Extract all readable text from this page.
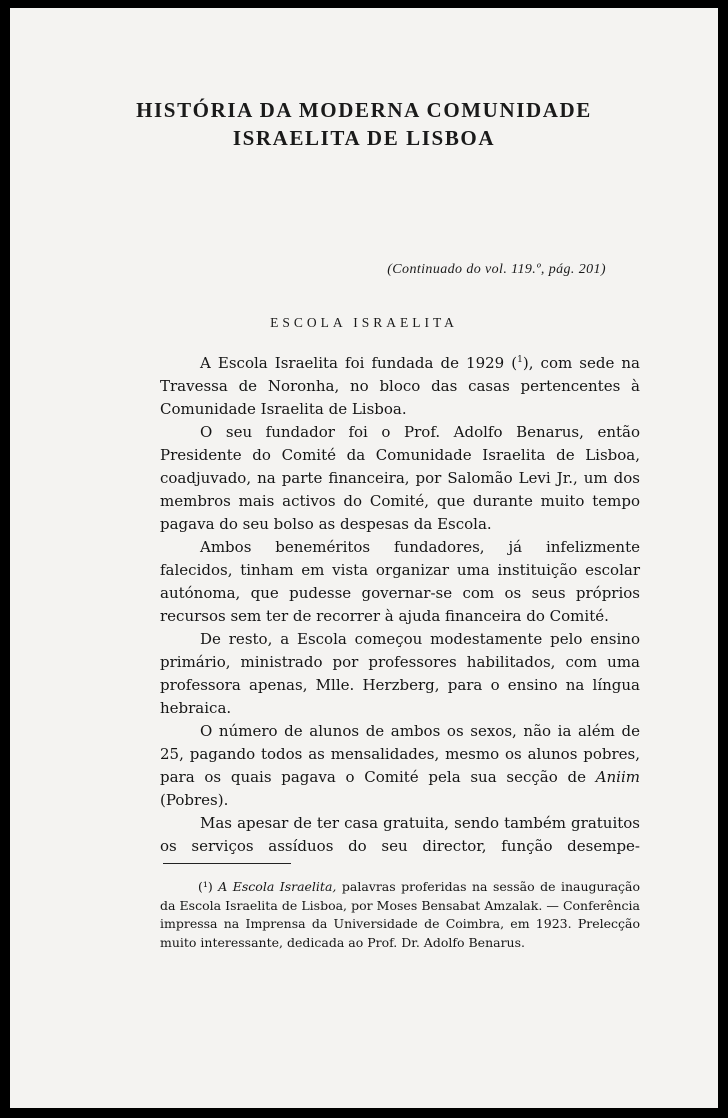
HISTÓRIA DA MODERNA COMUNIDADE
ISRAELITA DE LISBOA
(Continuado do vol. 119.º, pág. 201)
ESCOLA ISRAELITA

A Escola Israelita foi fundada de 1929 ($^1$), com sede na Travessa de Noronha, no bloco das casas pertencentes à Comunidade Israelita de Lisboa.

O seu fundador foi o Prof. Adolfo Benarus, então Presidente do Comité da Comunidade Israelita de Lisboa, coadjuvado, na parte financeira, por Salomão Levi Jr., um dos membros mais activos do Comité, que durante muito tempo pagava do seu bolso as despesas da Escola.

Ambos beneméritos fundadores, já infelizmente falecidos, tinham em vista organizar uma instituição escolar autónoma, que pudesse governar-se com os seus próprios recursos sem ter de recorrer à ajuda financeira do Comité.

De resto, a Escola começou modestamente pelo ensino primário, ministrado por professores habilitados, com uma professora apenas, Mlle. Herzberg, para o ensino na língua hebraica.

O número de alunos de ambos os sexos, não ia além de 25, pagando todos as mensalidades, mesmo os alunos pobres, para os quais pagava o Comité pela sua secção de Aniim (Pobres).

Mas apesar de ter casa gratuita, sendo também gratuitos os serviços assíduos do seu director, função desempe-

(¹) A Escola Israelita, palavras proferidas na sessão de inauguração da Escola Israelita de Lisboa, por Moses Bensabat Amzalak. — Conferência impressa na Imprensa da Universidade de Coimbra, em 1923. Prelecção muito interessante, dedicada ao Prof. Dr. Adolfo Benarus.
